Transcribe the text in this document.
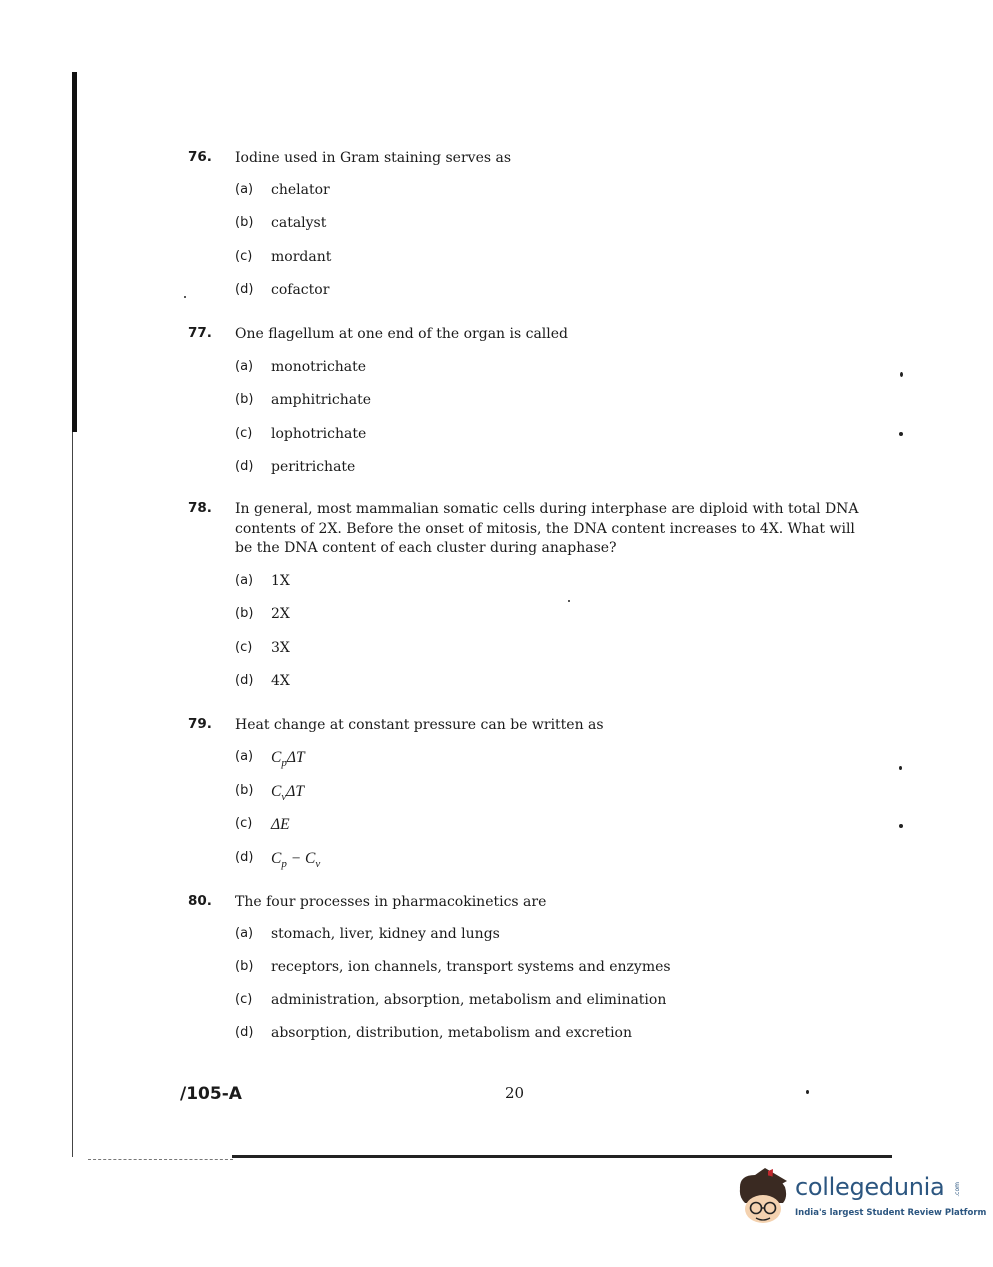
76. Iodine used in Gram staining serves as
(a) chelator
(b) catalyst
(c) mordant
(d) cofactor
77. One flagellum at one end of the organ is called
(a) monotrichate
(b) amphitrichate
(c) lophotrichate
(d) peritrichate
78. In general, most mammalian somatic cells during interphase are diploid with total DNA contents of 2X. Before the onset of mitosis, the DNA content increases to 4X. What will be the DNA content of each cluster during anaphase?
(a) 1X
(b) 2X
(c) 3X
(d) 4X
79. Heat change at constant pressure can be written as
(a) $C_p\Delta T$
(b) $C_v\Delta T$
(c) ΔE
(d) $C_p - C_v$
80. The four processes in pharmacokinetics are
(a) stomach, liver, kidney and lungs
(b) receptors, ion channels, transport systems and enzymes
(c) administration, absorption, metabolism and elimination
(d) absorption, distribution, metabolism and excretion
/105-A	20
collegedunia .com
India's largest Student Review Platform
